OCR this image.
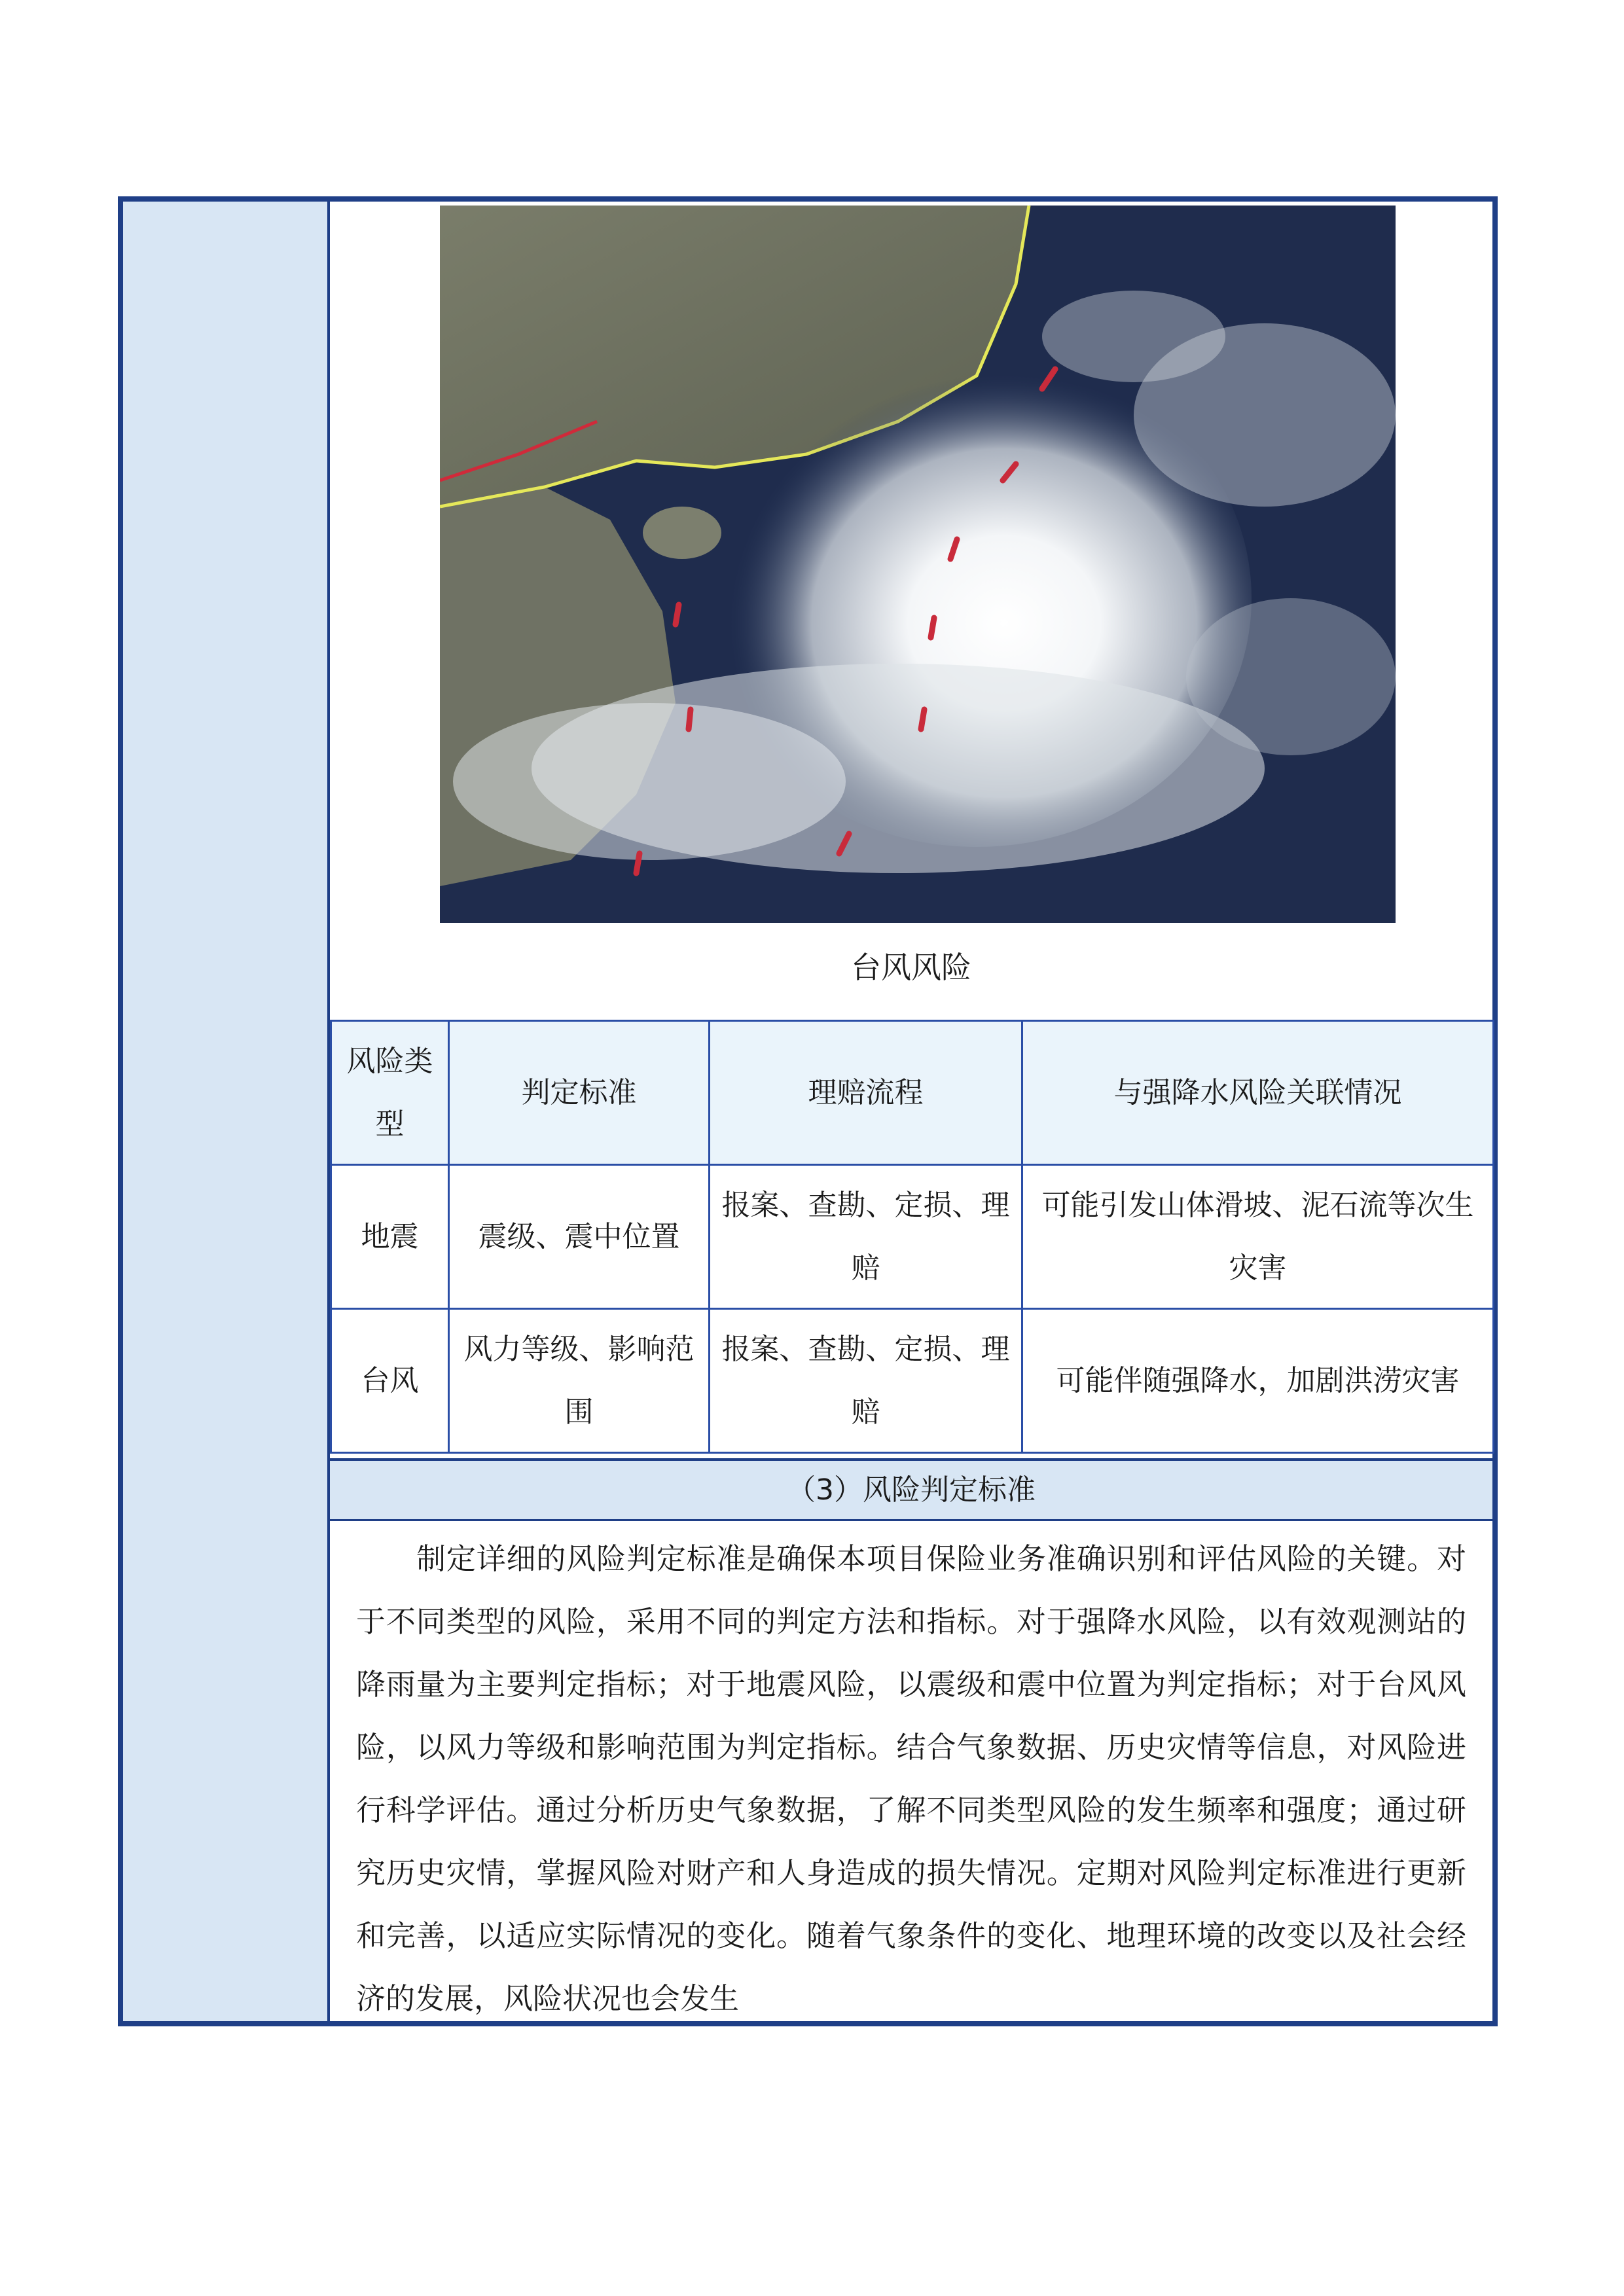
台风风险
风险类型	判定标准	理赔流程	与强降水风险关联情况
地震	震级、震中位置	报案、查勘、定损、理赔	可能引发山体滑坡、泥石流等次生灾害
台风	风力等级、影响范围	报案、查勘、定损、理赔	可能伴随强降水，加剧洪涝灾害
（3）风险判定标准

制定详细的风险判定标准是确保本项目保险业务准确识别和评估风险的关键。对于不同类型的风险，采用不同的判定方法和指标。对于强降水风险，以有效观测站的降雨量为主要判定指标；对于地震风险，以震级和震中位置为判定指标；对于台风风险，以风力等级和影响范围为判定指标。结合气象数据、历史灾情等信息，对风险进行科学评估。通过分析历史气象数据，了解不同类型风险的发生频率和强度；通过研究历史灾情，掌握风险对财产和人身造成的损失情况。定期对风险判定标准进行更新和完善，以适应实际情况的变化。随着气象条件的变化、地理环境的改变以及社会经济的发展，风险状况也会发生
